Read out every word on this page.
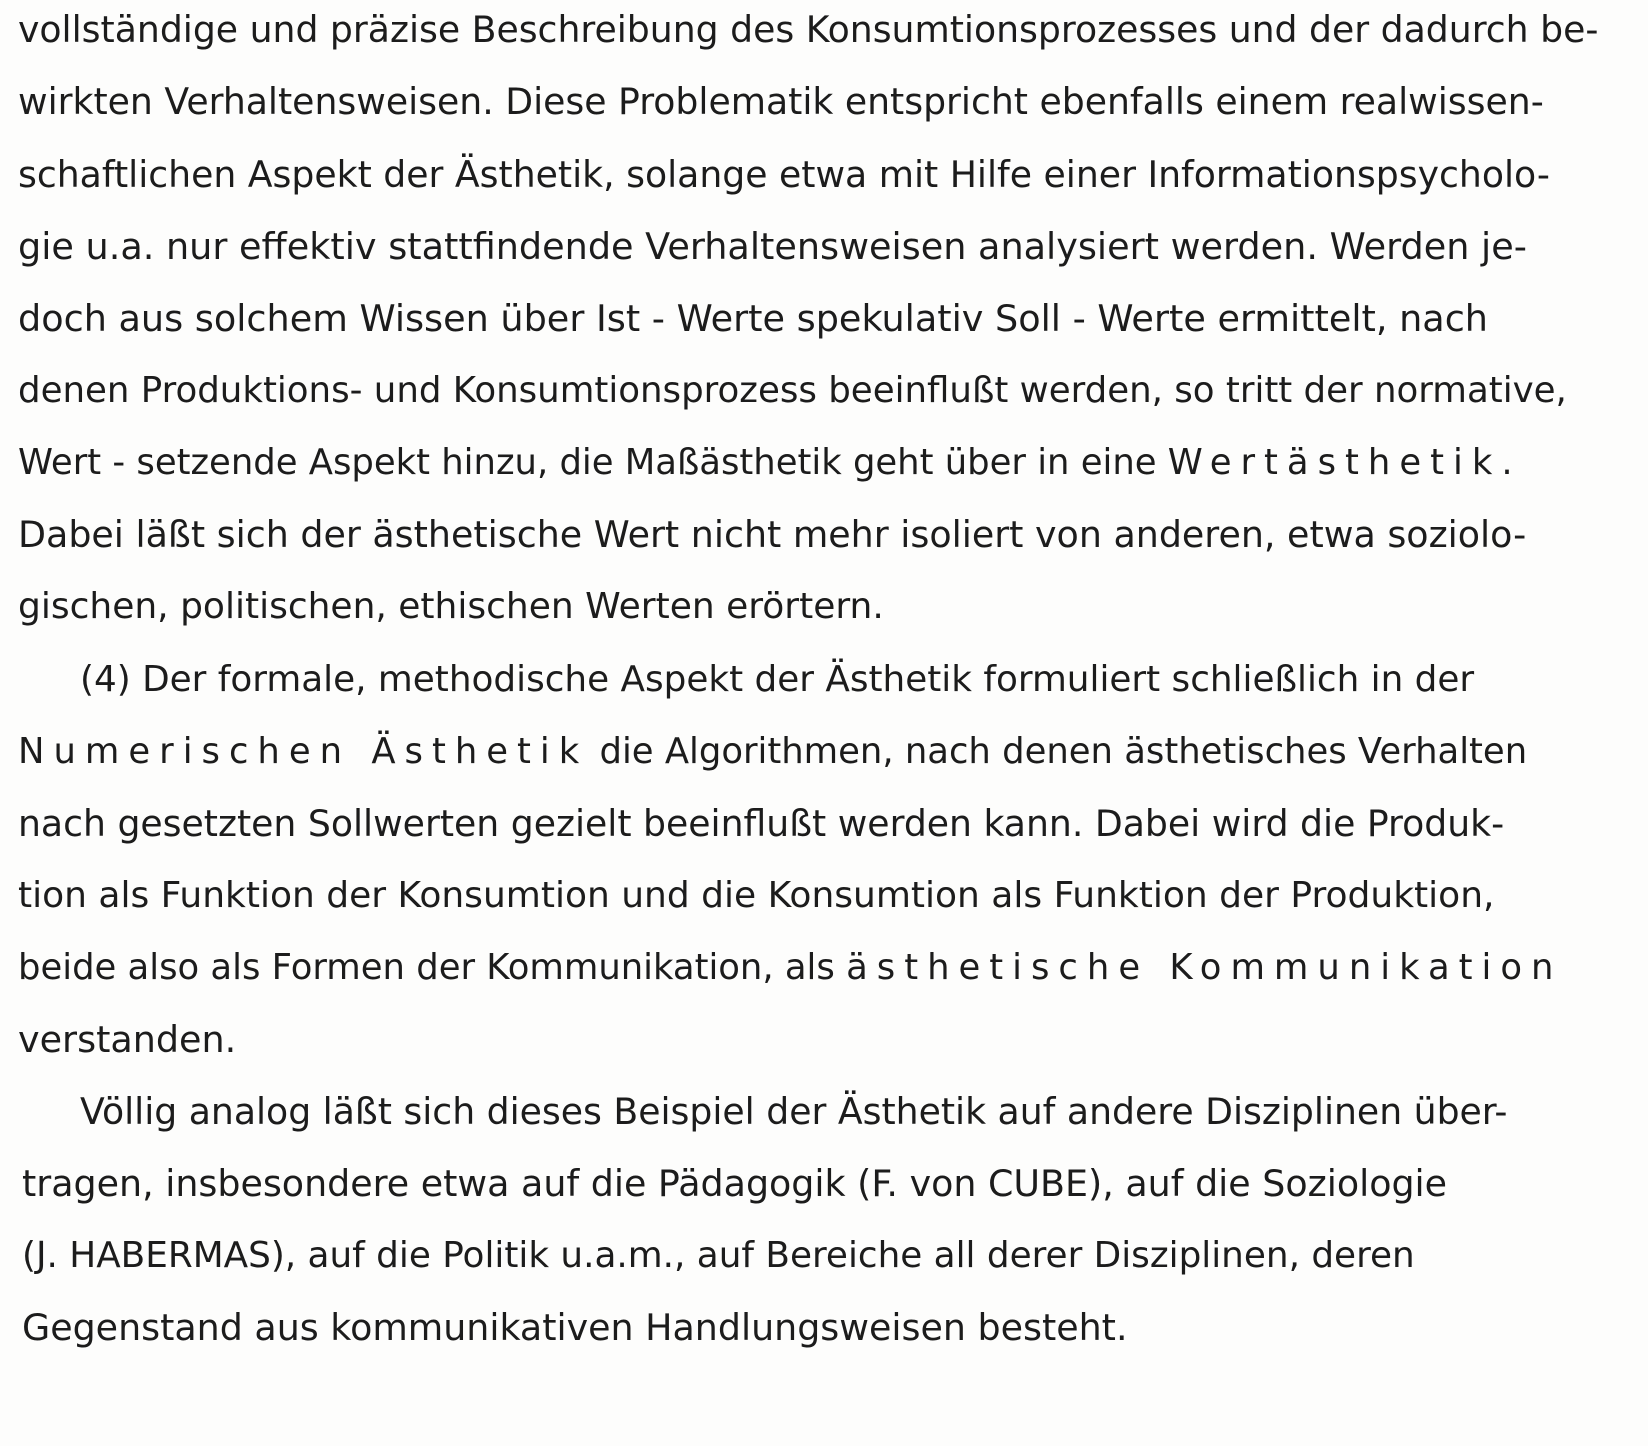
vollständige und präzise Beschreibung des Konsumtionsprozesses und der dadurch be-
wirkten Verhaltensweisen. Diese Problematik entspricht ebenfalls einem realwissen-
schaftlichen Aspekt der Ästhetik, solange etwa mit Hilfe einer Informationspsycholo-
gie u.a. nur effektiv stattfindende Verhaltensweisen analysiert werden. Werden je-
doch aus solchem Wissen über Ist - Werte spekulativ Soll - Werte ermittelt, nach
denen Produktions- und Konsumtionsprozess beeinflußt werden, so tritt der normative,
Wert - setzende Aspekt hinzu, die Maßästhetik geht über in eine Wertästhetik.
Dabei läßt sich der ästhetische Wert nicht mehr isoliert von anderen, etwa soziolo-
gischen, politischen, ethischen Werten erörtern.
(4) Der formale, methodische Aspekt der Ästhetik formuliert schließlich in der
Numerischen Ästhetik die Algorithmen, nach denen ästhetisches Verhalten
nach gesetzten Sollwerten gezielt beeinflußt werden kann. Dabei wird die Produk-
tion als Funktion der Konsumtion und die Konsumtion als Funktion der Produktion,
beide also als Formen der Kommunikation, als ästhetische Kommunikation
verstanden.
Völlig analog läßt sich dieses Beispiel der Ästhetik auf andere Disziplinen über-
tragen, insbesondere etwa auf die Pädagogik (F. von CUBE), auf die Soziologie
(J. HABERMAS), auf die Politik u.a.m., auf Bereiche all derer Disziplinen, deren
Gegenstand aus kommunikativen Handlungsweisen besteht.
